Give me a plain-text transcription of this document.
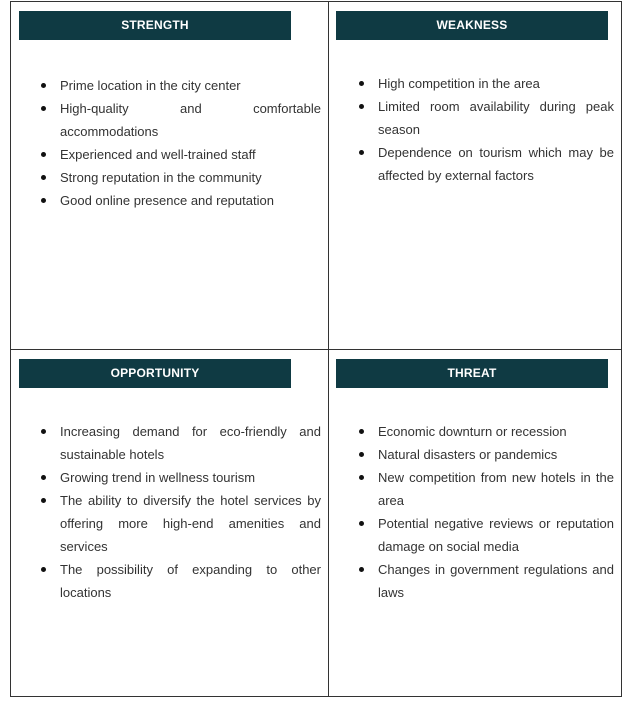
STRENGTH
Prime location in the city center
High-quality and comfortable accommodations
Experienced and well-trained staff
Strong reputation in the community
Good online presence and reputation
WEAKNESS
High competition in the area
Limited room availability during peak season
Dependence on tourism which may be affected by external factors
OPPORTUNITY
Increasing demand for eco-friendly and sustainable hotels
Growing trend in wellness tourism
The ability to diversify the hotel services by offering more high-end amenities and services
The possibility of expanding to other locations
THREAT
Economic downturn or recession
Natural disasters or pandemics
New competition from new hotels in the area
Potential negative reviews or reputation damage on social media
Changes in government regulations and laws
